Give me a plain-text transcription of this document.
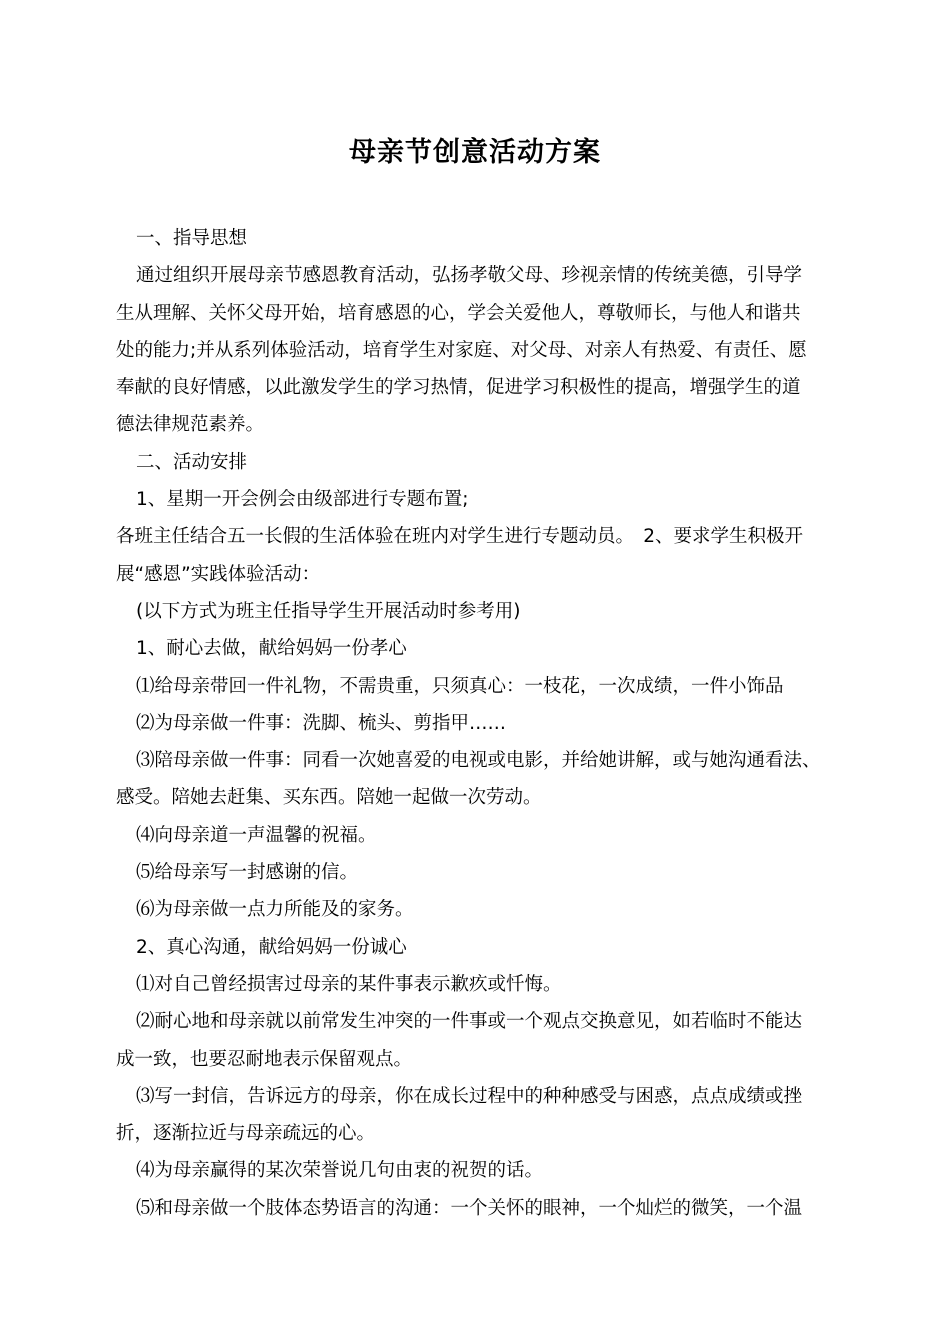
母亲节创意活动方案
一、指导思想
通过组织开展母亲节感恩教育活动，弘扬孝敬父母、珍视亲情的传统美德，引导学
生从理解、关怀父母开始，培育感恩的心，学会关爱他人，尊敬师长，与他人和谐共
处的能力;并从系列体验活动，培育学生对家庭、对父母、对亲人有热爱、有责任、愿
奉献的良好情感，以此激发学生的学习热情，促进学习积极性的提高，增强学生的道
德法律规范素养。
二、活动安排
1、星期一开会例会由级部进行专题布置;
各班主任结合五一长假的生活体验在班内对学生进行专题动员。　2、要求学生积极开
展“感恩”实践体验活动：
(以下方式为班主任指导学生开展活动时参考用)
1、耐心去做，献给妈妈一份孝心
⑴给母亲带回一件礼物，不需贵重，只须真心：一枝花，一次成绩，一件小饰品
⑵为母亲做一件事：洗脚、梳头、剪指甲……
⑶陪母亲做一件事：同看一次她喜爱的电视或电影，并给她讲解，或与她沟通看法、
感受。陪她去赶集、买东西。陪她一起做一次劳动。
⑷向母亲道一声温馨的祝福。
⑸给母亲写一封感谢的信。
⑹为母亲做一点力所能及的家务。
2、真心沟通，献给妈妈一份诚心
⑴对自己曾经损害过母亲的某件事表示歉疚或忏悔。
⑵耐心地和母亲就以前常发生冲突的一件事或一个观点交换意见，如若临时不能达
成一致，也要忍耐地表示保留观点。
⑶写一封信，告诉远方的母亲，你在成长过程中的种种感受与困惑，点点成绩或挫
折，逐渐拉近与母亲疏远的心。
⑷为母亲赢得的某次荣誉说几句由衷的祝贺的话。
⑸和母亲做一个肢体态势语言的沟通：一个关怀的眼神，一个灿烂的微笑，一个温
